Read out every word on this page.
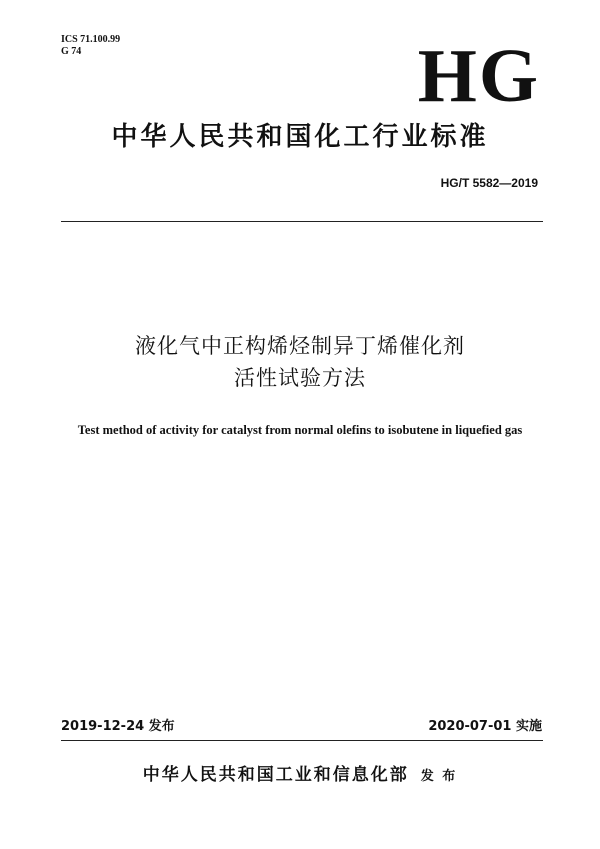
ICS 71.100.99
G 74	HG
中华人民共和国化工行业标准
HG/T 5582—2019
液化气中正构烯烃制异丁烯催化剂
活性试验方法
Test method of activity for catalyst from normal olefins to isobutene in liquefied gas
2019-12-24 发布	2020-07-01 实施
中华人民共和国工业和信息化部 发 布
